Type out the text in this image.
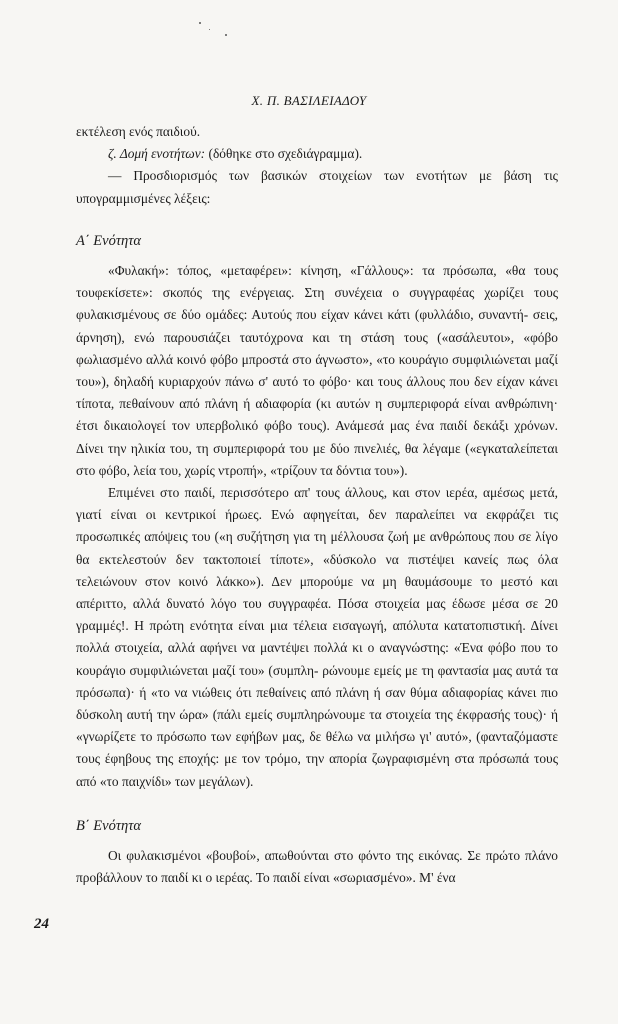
Χ. Π. ΒΑΣΙΛΕΙΑΔΟΥ

εκτέλεση ενός παιδιού.

ζ. Δομή ενοτήτων: (δόθηκε στο σχεδιάγραμμα).

— Προσδιορισμός των βασικών στοιχείων των ενοτήτων με βάση τις υπογραμμισμένες λέξεις:

Α΄ Ενότητα

«Φυλακή»: τόπος, «μεταφέρει»: κίνηση, «Γάλλους»: τα πρόσωπα, «θα τους τουφεκίσετε»: σκοπός της ενέργειας. Στη συνέχεια ο συγγραφέας χωρίζει τους φυλακισμένους σε δύο ομάδες: Αυτούς που είχαν κάνει κάτι (φυλλάδιο, συναντή- σεις, άρνηση), ενώ παρουσιάζει ταυτόχρονα και τη στάση τους («ασάλευτοι», «φόβο φωλιασμένο αλλά κοινό φόβο μπροστά στο άγνωστο», «το κουράγιο συμφιλιώνεται μαζί του»), δηλαδή κυριαρχούν πάνω σ' αυτό το φόβο· και τους άλλους που δεν είχαν κάνει τίποτα, πεθαίνουν από πλάνη ή αδιαφορία (κι αυτών η συμπεριφορά είναι ανθρώπινη· έτσι δικαιολογεί τον υπερβολικό φόβο τους). Ανάμεσά μας ένα παιδί δεκάξι χρόνων. Δίνει την ηλικία του, τη συμπεριφορά του με δύο πινελιές, θα λέγαμε («εγκαταλείπεται στο φόβο, λεία του, χωρίς ντροπή», «τρίζουν τα δόντια του»).

Επιμένει στο παιδί, περισσότερο απ' τους άλλους, και στον ιερέα, αμέσως μετά, γιατί είναι οι κεντρικοί ήρωες. Ενώ αφηγείται, δεν παραλείπει να εκφράζει τις προσωπικές απόψεις του («η συζήτηση για τη μέλλουσα ζωή με ανθρώπους που σε λίγο θα εκτελεστούν δεν τακτοποιεί τίποτε», «δύσκολο να πιστέψει κανείς πως όλα τελειώνουν στον κοινό λάκκο»). Δεν μπορούμε να μη θαυμάσουμε το μεστό και απέριττο, αλλά δυνατό λόγο του συγγραφέα. Πόσα στοιχεία μας έδωσε μέσα σε 20 γραμμές!. Η πρώτη ενότητα είναι μια τέλεια εισαγωγή, απόλυτα κατατοπιστική. Δίνει πολλά στοιχεία, αλλά αφήνει να μαντέψει πολλά κι ο αναγνώστης: «Ένα φόβο που το κουράγιο συμφιλιώνεται μαζί του» (συμπλη- ρώνουμε εμείς με τη φαντασία μας αυτά τα πρόσωπα)· ή «το να νιώθεις ότι πεθαίνεις από πλάνη ή σαν θύμα αδιαφορίας κάνει πιο δύσκολη αυτή την ώρα» (πάλι εμείς συμπληρώνουμε τα στοιχεία της έκφρασής τους)· ή «γνωρίζετε το πρόσωπο των εφήβων μας, δε θέλω να μιλήσω γι' αυτό», (φανταζόμαστε τους έφηβους της εποχής: με τον τρόμο, την απορία ζωγραφισμένη στα πρόσωπά τους από «το παιχνίδι» των μεγάλων).

Β΄ Ενότητα

Οι φυλακισμένοι «βουβοί», απωθούνται στο φόντο της εικόνας. Σε πρώτο πλάνο προβάλλουν το παιδί κι ο ιερέας. Το παιδί είναι «σωριασμένο». Μ' ένα

24
